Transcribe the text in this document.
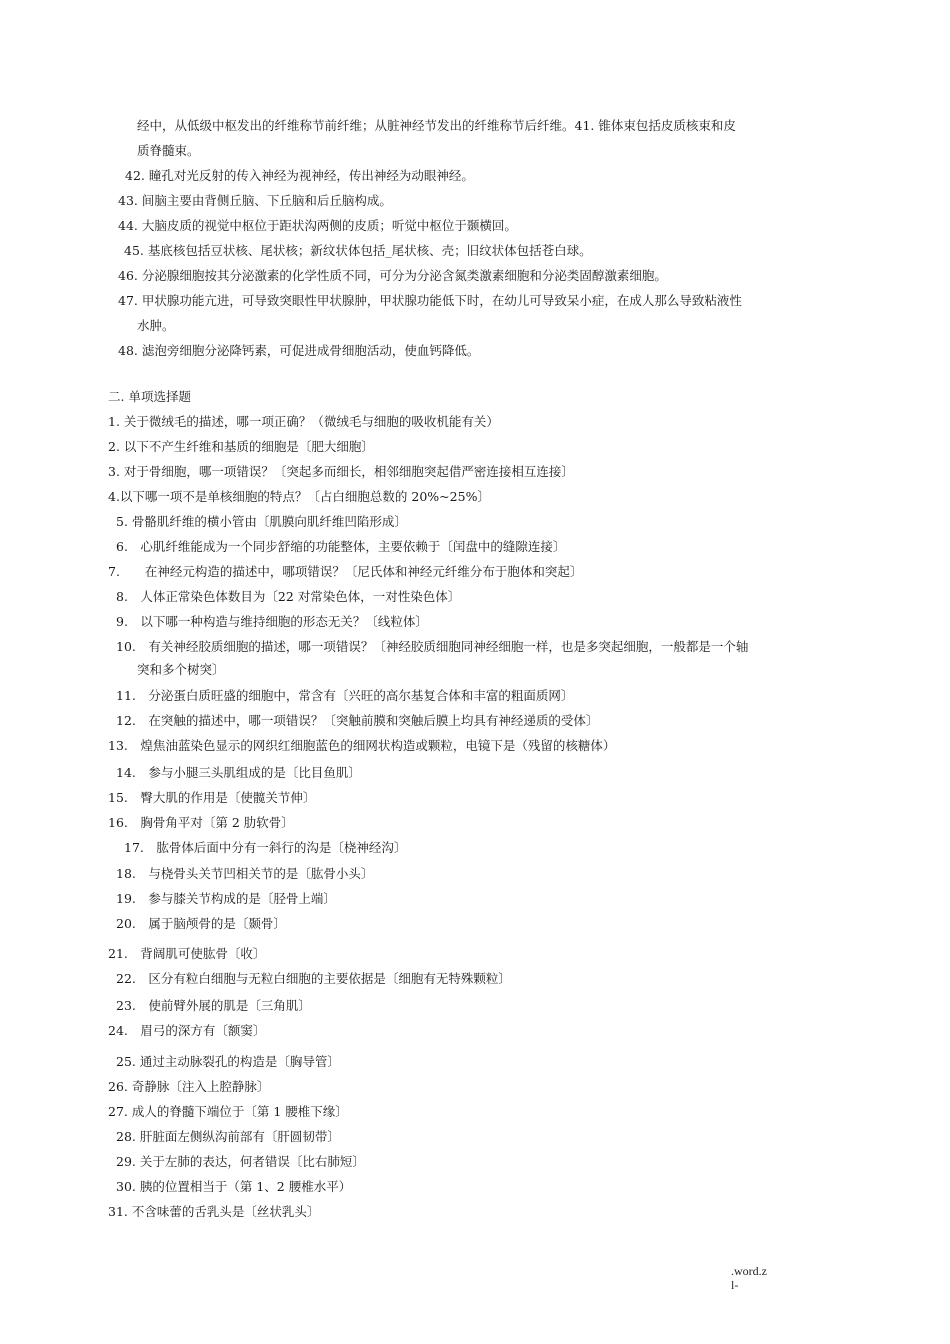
经中，从低级中枢发出的纤维称节前纤维；从脏神经节发出的纤维称节后纤维。41. 锥体束包括皮质核束和皮
质脊髓束。
42. 瞳孔对光反射的传入神经为视神经，传出神经为动眼神经。
43. 间脑主要由背侧丘脑、下丘脑和后丘脑构成。
44. 大脑皮质的视觉中枢位于距状沟两侧的皮质；听觉中枢位于颞横回。
45. 基底核包括豆状核、尾状核；新纹状体包括_尾状核、壳；旧纹状体包括苍白球。
46. 分泌腺细胞按其分泌激素的化学性质不同，可分为分泌含氮类激素细胞和分泌类固醇激素细胞。
47. 甲状腺功能亢进，可导致突眼性甲状腺肿，甲状腺功能低下时，在幼儿可导致呆小症，在成人那么导致粘液性
水肿。
48. 滤泡旁细胞分泌降钙素，可促进成骨细胞活动，使血钙降低。
二. 单项选择题
1. 关于微绒毛的描述，哪一项正确？（微绒毛与细胞的吸收机能有关）
2. 以下不产生纤维和基质的细胞是〔肥大细胞〕
3. 对于骨细胞，哪一项错误？〔突起多而细长，相邻细胞突起借严密连接相互连接〕
4.以下哪一项不是单核细胞的特点？〔占白细胞总数的 20%~25%〕
5. 骨骼肌纤维的横小管由〔肌膜向肌纤维凹陷形成〕
6.　心肌纤维能成为一个同步舒缩的功能整体，主要依赖于〔闰盘中的缝隙连接〕
7.　　在神经元构造的描述中，哪项错误？〔尼氏体和神经元纤维分布于胞体和突起〕
8.　人体正常染色体数目为〔22 对常染色体，一对性染色体〕
9.　以下哪一种构造与维持细胞的形态无关？〔线粒体〕
10.　有关神经胶质细胞的描述，哪一项错误？〔神经胶质细胞同神经细胞一样，也是多突起细胞，一般都是一个轴
突和多个树突〕
11.　分泌蛋白质旺盛的细胞中，常含有〔兴旺的高尔基复合体和丰富的粗面质网〕
12.　在突触的描述中，哪一项错误？〔突触前膜和突触后膜上均具有神经递质的受体〕
13.　煌焦油蓝染色显示的网织红细胞蓝色的细网状构造或颗粒，电镜下是（残留的核糖体）
14.　参与小腿三头肌组成的是〔比目鱼肌〕
15.　臀大肌的作用是〔使髋关节伸〕
16.　胸骨角平对〔第 2 肋软骨〕
17.　肱骨体后面中分有一斜行的沟是〔桡神经沟〕
18.　与桡骨头关节凹相关节的是〔肱骨小头〕
19.　参与膝关节构成的是〔胫骨上端〕
20.　属于脑颅骨的是〔颞骨〕
21.　背阔肌可使肱骨〔收〕
22.　区分有粒白细胞与无粒白细胞的主要依据是〔细胞有无特殊颗粒〕
23.　使前臂外展的肌是〔三角肌〕
24.　眉弓的深方有〔额窦〕
25. 通过主动脉裂孔的构造是〔胸导管〕
26. 奇静脉〔注入上腔静脉〕
27. 成人的脊髓下端位于〔第 1 腰椎下缘〕
28. 肝脏面左侧纵沟前部有〔肝圆韧带〕
29. 关于左肺的表达，何者错误〔比右肺短〕
30. 胰的位置相当于（第 1、2 腰椎水平）
31. 不含味蕾的舌乳头是〔丝状乳头〕
.word.z
l-
